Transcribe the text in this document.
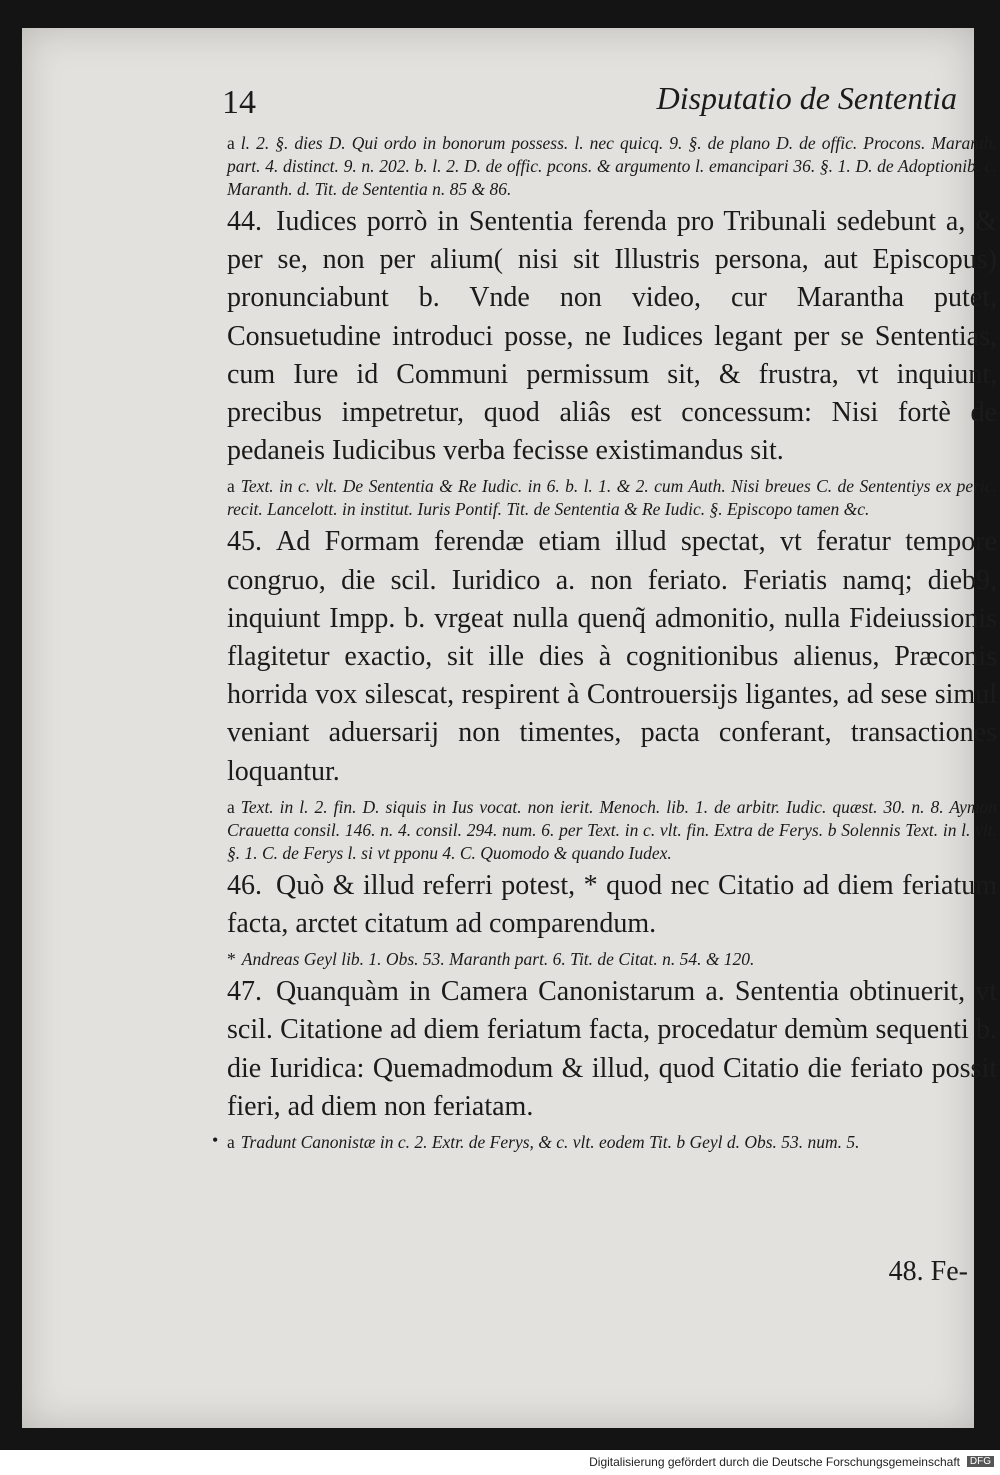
14	Disputatio de Sententia

a l. 2. §. dies D. Qui ordo in bonorum possess. l. nec quicq. 9. §. de plano D. de offic. Procons. Maranth. part. 4. distinct. 9. n. 202. b. l. 2. D. de offic. pcons. & argumento l. emancipari 36. §. 1. D. de Adoptionib. c. Maranth. d. Tit. de Sententia n. 85 & 86.

44. Iudices porrò in Sententia ferenda pro Tribunali sedebunt a, & per se, non per alium( nisi sit Illustris persona, aut Episcopus) pronunciabunt b. Vnde non video, cur Marantha putet, Consuetudine introduci posse, ne Iudices legant per se Sententias, cum Iure id Communi permissum sit, & frustra, vt inquiunt, precibus impetretur, quod aliâs est concessum: Nisi fortè de pedaneis Iudicibus verba fecisse existimandus sit.

a Text. in c. vlt. De Sententia & Re Iudic. in 6. b. l. 1. & 2. cum Auth. Nisi breues C. de Sententiys ex peric. recit. Lancelott. in institut. Iuris Pontif. Tit. de Sententia & Re Iudic. §. Episcopo tamen &c.

45. Ad Formam ferendæ etiam illud spectat, vt feratur tempore congruo, die scil. Iuridico a. non feriato. Feriatis namq; dieb9, inquiunt Impp. b. vrgeat nulla quenq̃ admonitio, nulla Fideiussionis flagitetur exactio, sit ille dies à cognitionibus alienus, Præconis horrida vox silescat, respirent à Controuersijs ligantes, ad sese simul veniant aduersarij non timentes, pacta conferant, transactiones loquantur.

a Text. in l. 2. fin. D. siquis in Ius vocat. non ierit. Menoch. lib. 1. de arbitr. Iudic. quæst. 30. n. 8. Aymon Crauetta consil. 146. n. 4. consil. 294. num. 6. per Text. in c. vlt. fin. Extra de Ferys. b Solennis Text. in l. vlt. §. 1. C. de Ferys l. si vt pponu 4. C. Quomodo & quando Iudex.

46. Quò & illud referri potest, * quod nec Citatio ad diem feriatum facta, arctet citatum ad comparendum.

* Andreas Geyl lib. 1. Obs. 53. Maranth part. 6. Tit. de Citat. n. 54. & 120.

47. Quanquàm in Camera Canonistarum a. Sententia obtinuerit, vt scil. Citatione ad diem feriatum facta, procedatur demùm sequenti b. die Iuridica: Quemadmodum & illud, quod Citatio die feriato possit fieri, ad diem non feriatam.

a Tradunt Canonistæ in c. 2. Extr. de Ferys, & c. vlt. eodem Tit. b Geyl d. Obs. 53. num. 5.

•
48. Fe-
Digitalisierung gefördert durch die Deutsche Forschungsgemeinschaft DFG
